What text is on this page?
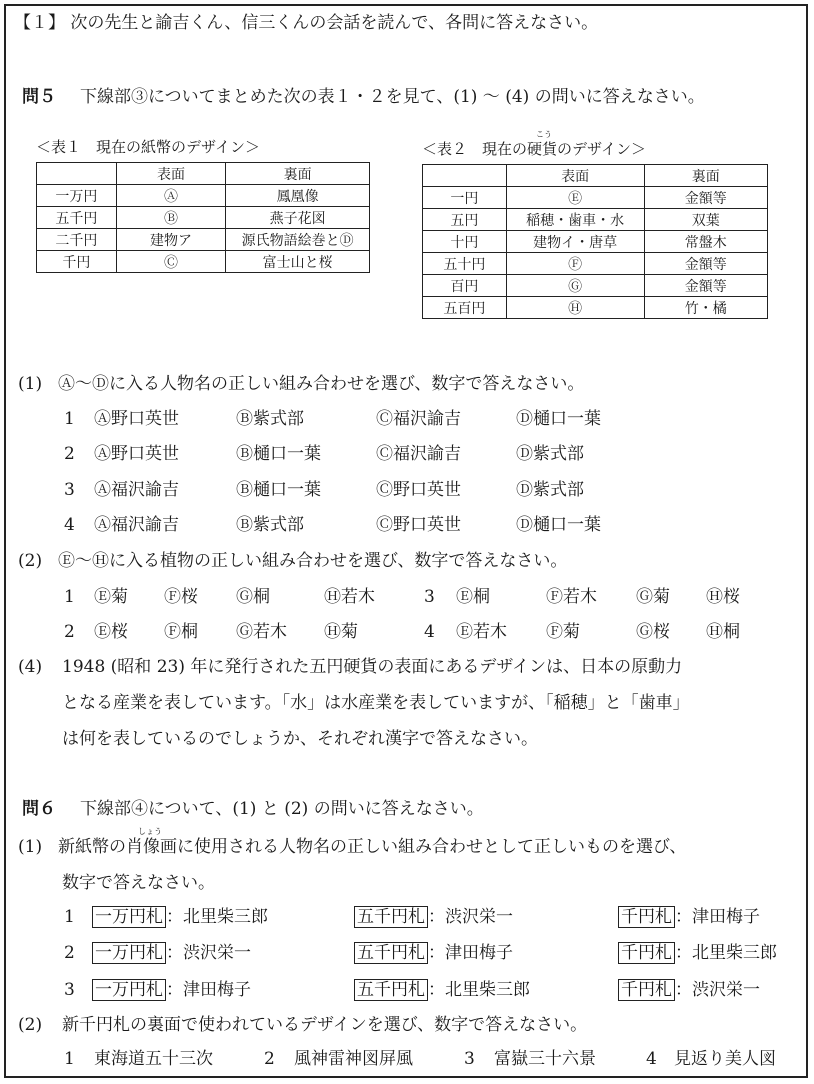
【１】 次の先生と諭吉くん、信三くんの会話を読んで、各問に答えなさい。
問５ 下線部③についてまとめた次の表１・２を見て、(1) ～ (4) の問いに答えなさい。
＜表１　現在の紙幣のデザイン＞
	表面	裏面
一万円	Ⓐ	鳳凰像
五千円	Ⓑ	燕子花図
二千円	建物ア	源氏物語絵巻とⒹ
千円	Ⓒ	富士山と桜
こう
＜表２　現在の硬貨のデザイン＞
	表面	裏面
一円	Ⓔ	金額等
五円	稲穂・歯車・水	双葉
十円	建物イ・唐草	常盤木
五十円	Ⓕ	金額等
百円	Ⓖ	金額等
五百円	Ⓗ	竹・橘
(1) Ⓐ～Ⓓに入る人物名の正しい組み合わせを選び、数字で答えなさい。
1 Ⓐ野口英世	Ⓑ紫式部	Ⓒ福沢諭吉	Ⓓ樋口一葉
2 Ⓐ野口英世	Ⓑ樋口一葉	Ⓒ福沢諭吉	Ⓓ紫式部
3 Ⓐ福沢諭吉	Ⓑ樋口一葉	Ⓒ野口英世	Ⓓ紫式部
4 Ⓐ福沢諭吉	Ⓑ紫式部	Ⓒ野口英世	Ⓓ樋口一葉
(2) Ⓔ～Ⓗに入る植物の正しい組み合わせを選び、数字で答えなさい。
1 Ⓔ菊 Ⓕ桜 Ⓖ桐	Ⓗ若木	3 Ⓔ桐	Ⓕ若木 Ⓖ菊 Ⓗ桜
2 Ⓔ桜 Ⓕ桐 Ⓖ若木 Ⓗ菊	4 Ⓔ若木 Ⓕ菊	Ⓖ桜 Ⓗ桐
(4) 1948 (昭和 23) 年に発行された五円硬貨の表面にあるデザインは、日本の原動力
となる産業を表しています。「水」は水産業を表していますが、「稲穂」と「歯車」
は何を表しているのでしょうか、それぞれ漢字で答えなさい。
問６ 下線部④について、(1) と (2) の問いに答えなさい。
(1)
しょう
新紙幣の肖像画に使用される人物名の正しい組み合わせとして正しいものを選び、
数字で答えなさい。
1 一万円札 ：北里柴三郎	五千円札 ：渋沢栄一	千円札 ：津田梅子
2 一万円札 ：渋沢栄一	五千円札 ：津田梅子	千円札 ：北里柴三郎
3 一万円札 ：津田梅子	五千円札 ：北里柴三郎	千円札 ：渋沢栄一
(2) 新千円札の裏面で使われているデザインを選び、数字で答えなさい。
1 東海道五十三次	2 風神雷神図屏風	3 富嶽三十六景	4 見返り美人図
